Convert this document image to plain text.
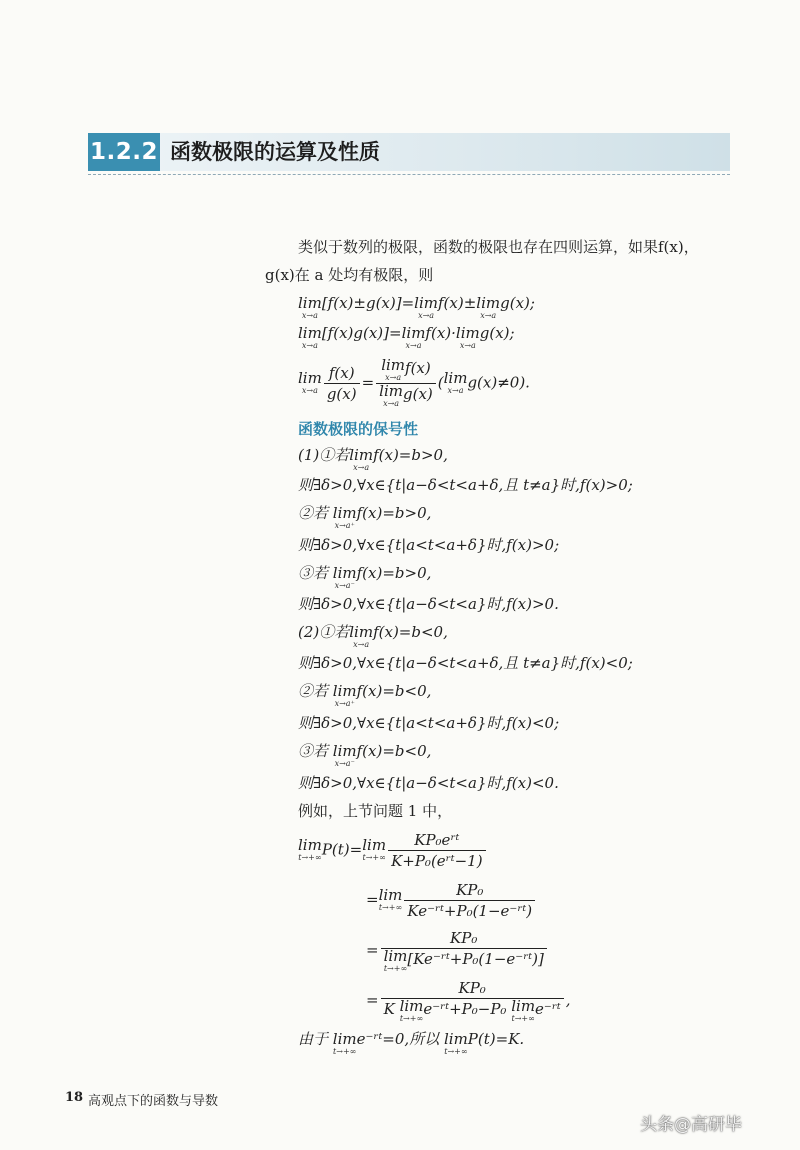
1.2.2 函数极限的运算及性质
类似于数列的极限，函数的极限也存在四则运算，如果f(x)，
g(x)在 a 处均有极限，则
lim
x→a
[f(x)±g(x)]= lim
x→a
f(x)± lim
x→a
g(x);
lim
x→a
[f(x)g(x)]= lim
x→a
f(x)· lim
x→a
g(x);
lim
$x\to a \frac{f(x)}{g(x)} = \lim$
x→a
f(x)
lim
x→a
g(x) ( lim
x→a g(x)≠0).
函数极限的保号性
(1)①若 lim
x→a
f(x)=b>0,
则∃δ>0,∀x∈{t|a−δ<t<a+δ,且 t≠a}时,f(x)>0;
②若 lim
x→a⁺
f(x)=b>0,
则∃δ>0,∀x∈{t|a<t<a+δ}时,f(x)>0;
③若 lim
x→a⁻
f(x)=b>0,
则∃δ>0,∀x∈{t|a−δ<t<a}时,f(x)>0.
(2)①若 lim
x→a
f(x)=b<0,
则∃δ>0,∀x∈{t|a−δ<t<a+δ,且 t≠a}时,f(x)<0;
②若 lim
x→a⁺
f(x)=b<0,
则∃δ>0,∀x∈{t|a<t<a+δ}时,f(x)<0;
③若 lim
x→a⁻
f(x)=b<0,
则∃δ>0,∀x∈{t|a−δ<t<a}时,f(x)<0.
例如，上节问题 1 中，
lim
t→+∞ P(t)= lim
$t\to+\infty \frac{\text{KP₀eʳᵗ}}{\text{K+P₀(eʳᵗ−1)}}$
= lim
$t\to+\infty \frac{\text{KP₀}}{\text{Ke⁻ʳᵗ+P₀(1−e⁻ʳᵗ)}}$
= KP₀
lim
t→+∞
[Ke⁻ʳᵗ+P₀(1−e⁻ʳᵗ)]
= KP₀
K lim
t→+∞
e⁻ʳᵗ+P₀−P₀ lim
t→+∞
e⁻ʳᵗ ,
由于 lim
t→+∞
e⁻ʳᵗ=0,所以 lim
t→+∞
P(t)=K.
18 高观点下的函数与导数
头条@高研毕
